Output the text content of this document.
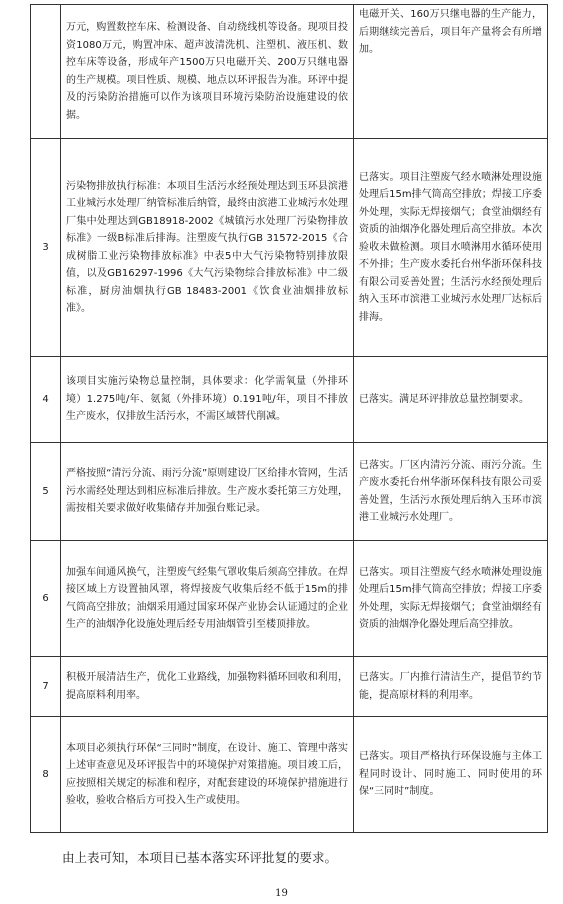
	万元，购置数控车床、检测设备、自动绕线机等设备。现项目投资1080万元，购置冲床、超声波清洗机、注塑机、液压机、数控车床等设备，形成年产1500万只电磁开关、200万只继电器的生产规模。项目性质、规模、地点以环评报告为准。环评中提及的污染防治措施可以作为该项目环境污染防治设施建设的依据。	电磁开关、160万只继电器的生产能力，后期继续完善后，项目年产量将会有所增加。
3	污染物排放执行标准：本项目生活污水经预处理达到玉环县滨港工业城污水处理厂纳管标准后纳管，最终由滨港工业城污水处理厂集中处理达到GB18918-2002《城镇污水处理厂污染物排放标准》一级B标准后排海。注塑废气执行GB 31572-2015《合成树脂工业污染物排放标准》中表5中大气污染物特别排放限值，以及GB16297-1996《大气污染物综合排放标准》中二级标准，厨房油烟执行GB 18483-2001《饮食业油烟排放标准》。	已落实。项目注塑废气经水喷淋处理设施处理后15m排气筒高空排放；焊接工序委外处理，实际无焊接烟气；食堂油烟经有资质的油烟净化器处理后高空排放。本次验收未做检测。项目水喷淋用水循环使用不外排；生产废水委托台州华浙环保科技有限公司妥善处置；生活污水经预处理后纳入玉环市滨港工业城污水处理厂达标后排海。
4	该项目实施污染物总量控制，具体要求：化学需氧量（外排环境）1.275吨/年、氨氮（外排环境）0.191吨/年，项目不排放生产废水，仅排放生活污水，不需区域替代削减。	已落实。满足环评排放总量控制要求。
5	严格按照“清污分流、雨污分流”原则建设厂区给排水管网，生活污水需经处理达到相应标准后排放。生产废水委托第三方处理，需按相关要求做好收集储存并加强台账记录。	已落实。厂区内清污分流、雨污分流。生产废水委托台州华浙环保科技有限公司妥善处置，生活污水预处理后纳入玉环市滨港工业城污水处理厂。
6	加强车间通风换气，注塑废气经集气罩收集后须高空排放。在焊接区域上方设置抽风罩，将焊接废气收集后经不低于15m的排气筒高空排放；油烟采用通过国家环保产业协会认证通过的企业生产的油烟净化设施处理后经专用油烟管引至楼顶排放。	已落实。项目注塑废气经水喷淋处理设施处理后15m排气筒高空排放；焊接工序委外处理，实际无焊接烟气；食堂油烟经有资质的油烟净化器处理后高空排放。
7	积极开展清洁生产，优化工业路线，加强物料循环回收和利用，提高原料利用率。	已落实。厂内推行清洁生产，提倡节约节能，提高原材料的利用率。
8	本项目必须执行环保“三同时”制度，在设计、施工、管理中落实上述审查意见及环评报告中的环境保护对策措施。项目竣工后，应按照相关规定的标准和程序，对配套建设的环境保护措施进行验收，验收合格后方可投入生产或使用。	已落实。项目严格执行环保设施与主体工程同时设计、同时施工、同时使用的环保“三同时”制度。
由上表可知，本项目已基本落实环评批复的要求。
19
